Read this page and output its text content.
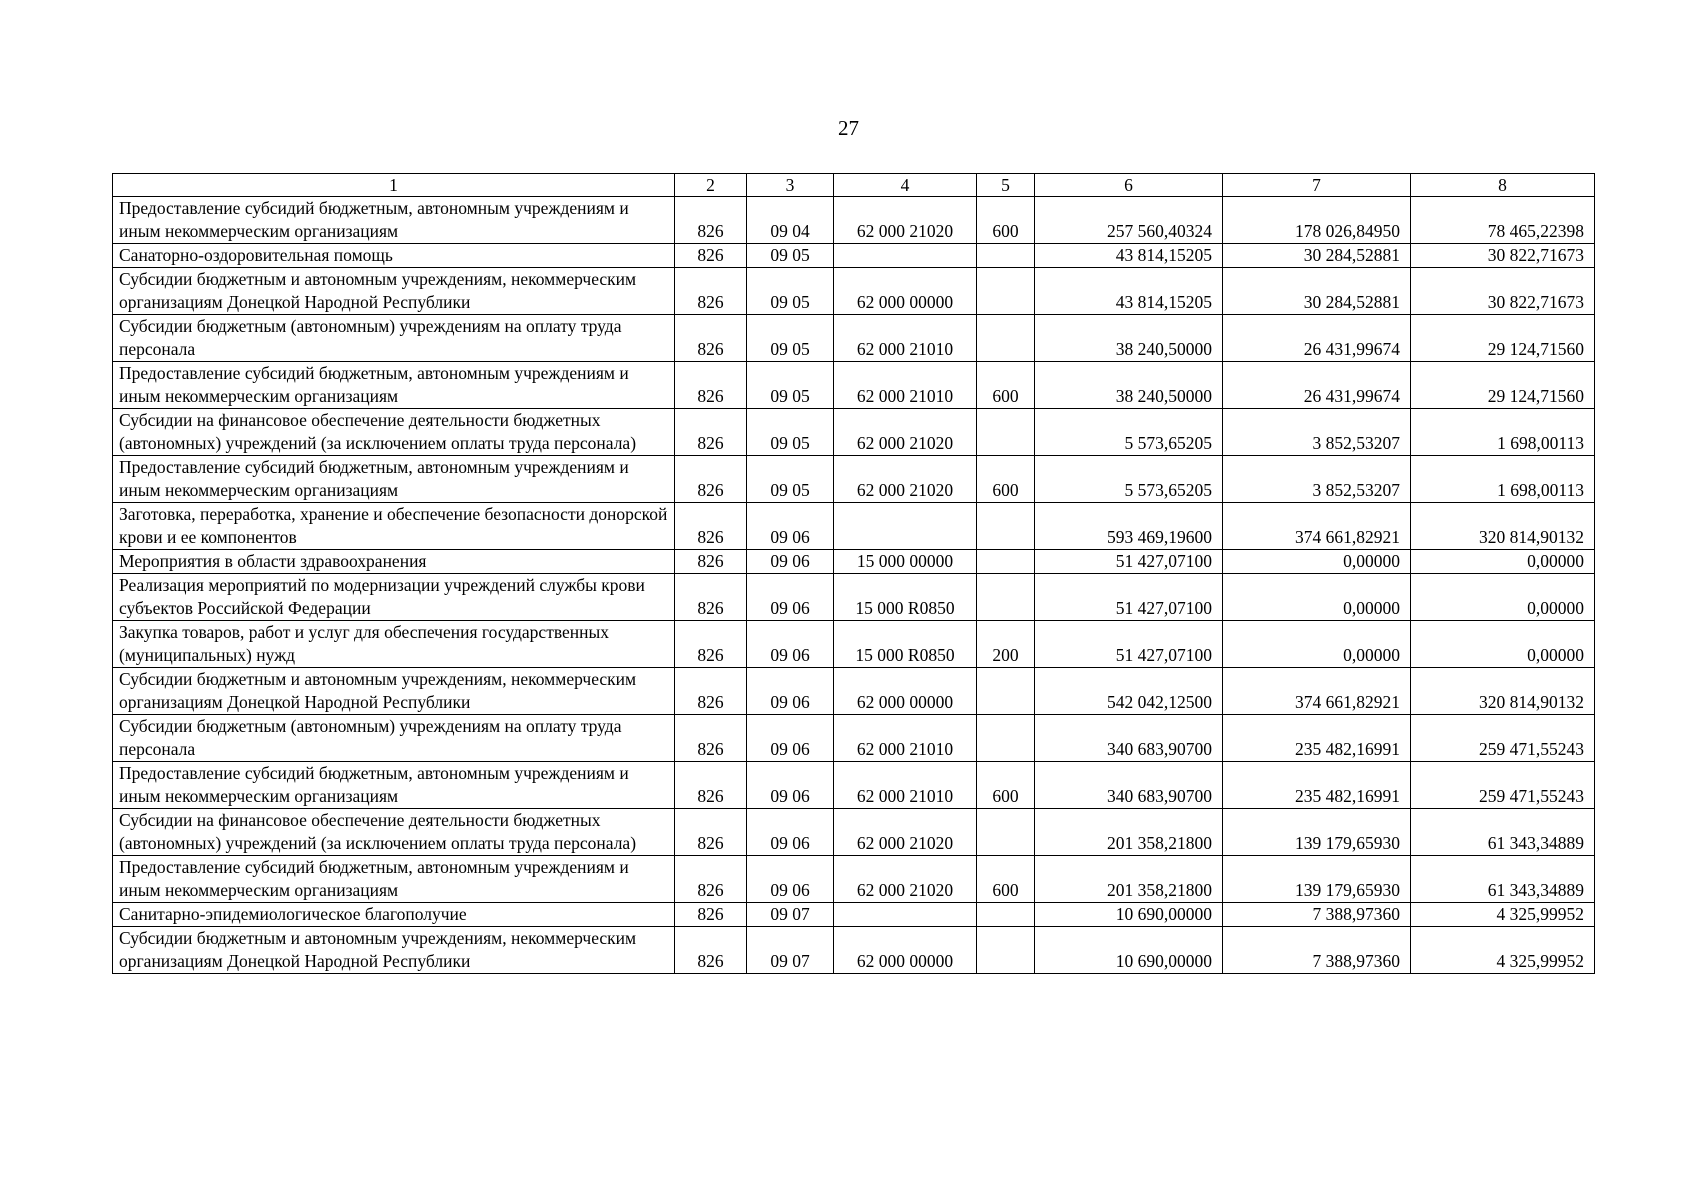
27
1	2	3	4	5	6	7	8
Предоставление субсидий бюджетным, автономным учреждениям и иным некоммерческим организациям	826	09 04	62 000 21020	600	257 560,40324	178 026,84950	78 465,22398
Санаторно-оздоровительная помощь	826	09 05			43 814,15205	30 284,52881	30 822,71673
Субсидии бюджетным и автономным учреждениям, некоммерческим организациям Донецкой Народной Республики	826	09 05	62 000 00000		43 814,15205	30 284,52881	30 822,71673
Субсидии бюджетным (автономным) учреждениям на оплату труда персонала	826	09 05	62 000 21010		38 240,50000	26 431,99674	29 124,71560
Предоставление субсидий бюджетным, автономным учреждениям и иным некоммерческим организациям	826	09 05	62 000 21010	600	38 240,50000	26 431,99674	29 124,71560
Субсидии на финансовое обеспечение деятельности бюджетных (автономных) учреждений (за исключением оплаты труда персонала)	826	09 05	62 000 21020		5 573,65205	3 852,53207	1 698,00113
Предоставление субсидий бюджетным, автономным учреждениям и иным некоммерческим организациям	826	09 05	62 000 21020	600	5 573,65205	3 852,53207	1 698,00113
Заготовка, переработка, хранение и обеспечение безопасности донорской крови и ее компонентов	826	09 06			593 469,19600	374 661,82921	320 814,90132
Мероприятия в области здравоохранения	826	09 06	15 000 00000		51 427,07100	0,00000	0,00000
Реализация мероприятий по модернизации учреждений службы крови субъектов Российской Федерации	826	09 06	15 000 R0850		51 427,07100	0,00000	0,00000
Закупка товаров, работ и услуг для обеспечения государственных (муниципальных) нужд	826	09 06	15 000 R0850	200	51 427,07100	0,00000	0,00000
Субсидии бюджетным и автономным учреждениям, некоммерческим организациям Донецкой Народной Республики	826	09 06	62 000 00000		542 042,12500	374 661,82921	320 814,90132
Субсидии бюджетным (автономным) учреждениям на оплату труда персонала	826	09 06	62 000 21010		340 683,90700	235 482,16991	259 471,55243
Предоставление субсидий бюджетным, автономным учреждениям и иным некоммерческим организациям	826	09 06	62 000 21010	600	340 683,90700	235 482,16991	259 471,55243
Субсидии на финансовое обеспечение деятельности бюджетных (автономных) учреждений (за исключением оплаты труда персонала)	826	09 06	62 000 21020		201 358,21800	139 179,65930	61 343,34889
Предоставление субсидий бюджетным, автономным учреждениям и иным некоммерческим организациям	826	09 06	62 000 21020	600	201 358,21800	139 179,65930	61 343,34889
Санитарно-эпидемиологическое благополучие	826	09 07			10 690,00000	7 388,97360	4 325,99952
Субсидии бюджетным и автономным учреждениям, некоммерческим организациям Донецкой Народной Республики	826	09 07	62 000 00000		10 690,00000	7 388,97360	4 325,99952
